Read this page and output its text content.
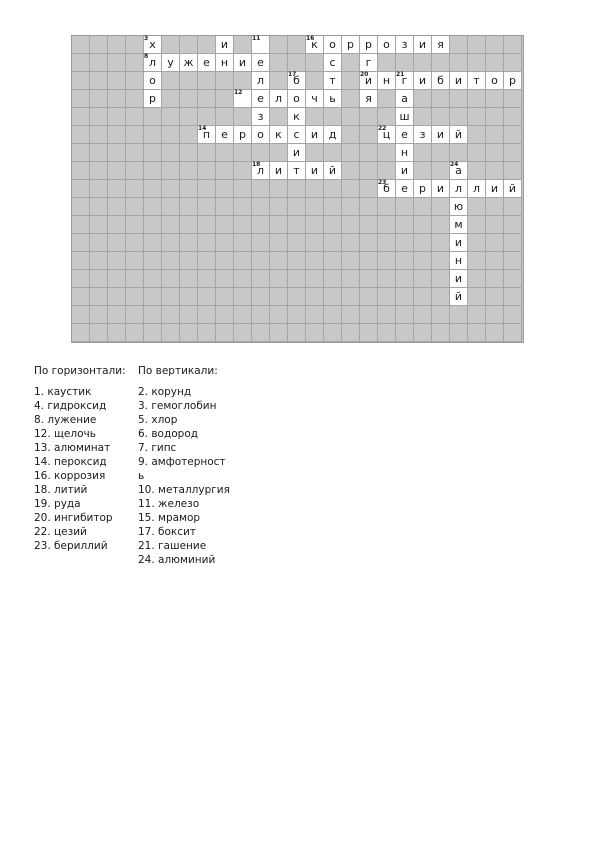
3 х	и	11	16
к	о	р	р	о	з	и	я
8 л	у ж е	н и	е	с	г
о	л	17
б	т	20
и н 21
г	и	б	и	т	о	р
р	12	е	л	о	ч	ь	я	а
з	к	ш
14
п	е	р	о	к	с	и д	22
ц е	з	и й
и	н
18
л и	т	и й	и	24
а
23
б	е	р и л л и й
ю
м
и
н
и
й
По горизонтали:
1. каустик
4. гидроксид
8. лужение
12. щелочь
13. алюминат
14. пероксид
16. коррозия
18. литий
19. руда
20. ингибитор
22. цезий
23. бериллий
По вертикали:
2. корунд
3. гемоглобин
5. хлор
6. водород
7. гипс
9. амфотерность
10. металлургия
11. железо
15. мрамор
17. боксит
21. гашение
24. алюминий
